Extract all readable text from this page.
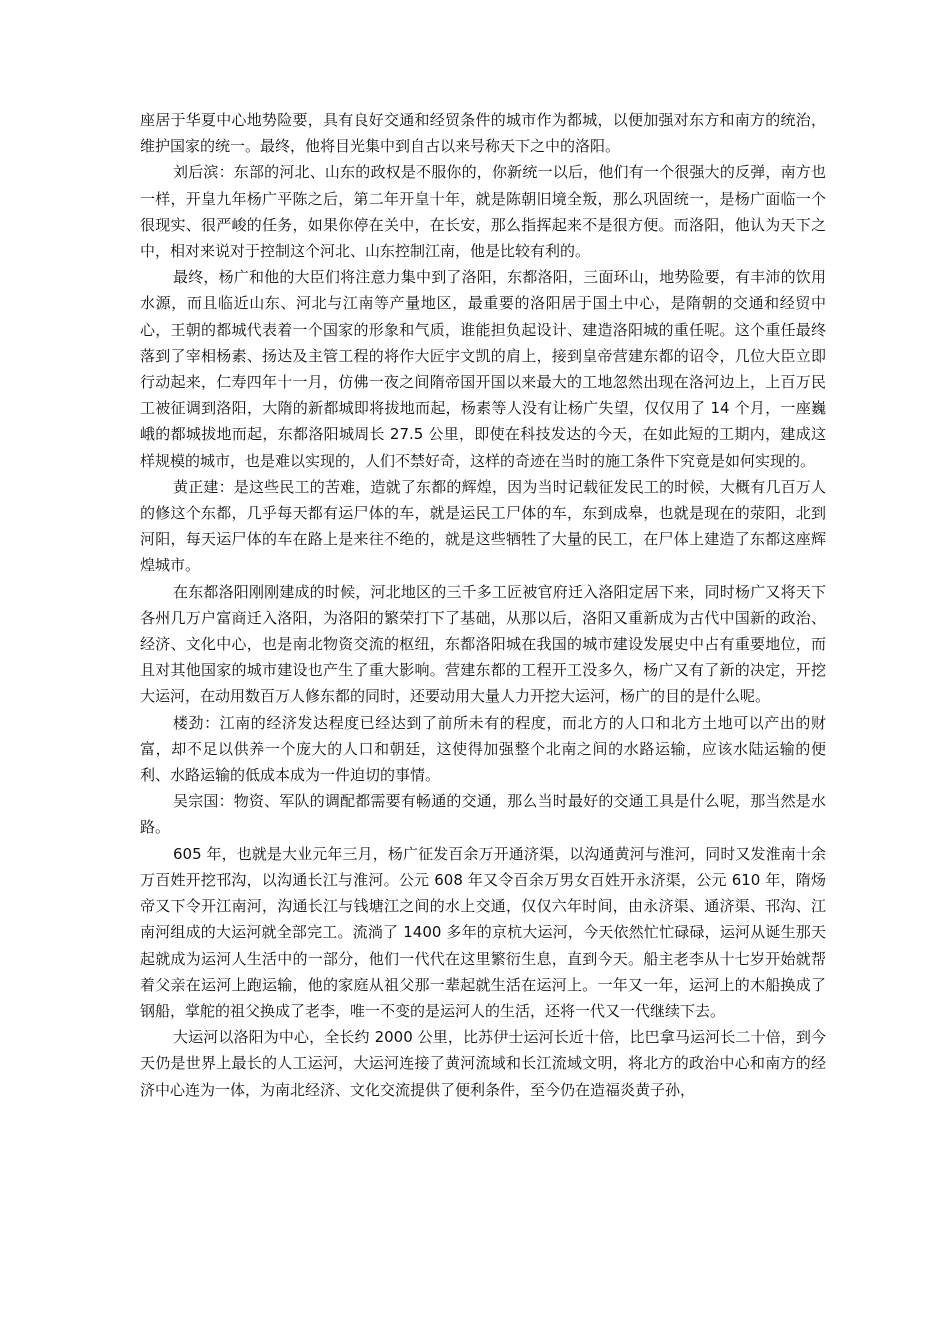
座居于华夏中心地势险要，具有良好交通和经贸条件的城市作为都城，以便加强对东方和南方的统治，维护国家的统一。最终，他将目光集中到自古以来号称天下之中的洛阳。

刘后滨：东部的河北、山东的政权是不服你的，你新统一以后，他们有一个很强大的反弹，南方也一样，开皇九年杨广平陈之后，第二年开皇十年，就是陈朝旧境全叛，那么巩固统一，是杨广面临一个很现实、很严峻的任务，如果你停在关中，在长安，那么指挥起来不是很方便。而洛阳，他认为天下之中，相对来说对于控制这个河北、山东控制江南，他是比较有利的。

最终，杨广和他的大臣们将注意力集中到了洛阳，东都洛阳，三面环山，地势险要，有丰沛的饮用水源，而且临近山东、河北与江南等产量地区，最重要的洛阳居于国土中心，是隋朝的交通和经贸中心，王朝的都城代表着一个国家的形象和气质，谁能担负起设计、建造洛阳城的重任呢。这个重任最终落到了宰相杨素、扬达及主管工程的将作大匠宇文凯的肩上，接到皇帝营建东都的诏令，几位大臣立即行动起来，仁寿四年十一月，仿佛一夜之间隋帝国开国以来最大的工地忽然出现在洛河边上，上百万民工被征调到洛阳，大隋的新都城即将拔地而起，杨素等人没有让杨广失望，仅仅用了 14 个月，一座巍峨的都城拔地而起，东都洛阳城周长 27.5 公里，即使在科技发达的今天，在如此短的工期内，建成这样规模的城市，也是难以实现的，人们不禁好奇，这样的奇迹在当时的施工条件下究竟是如何实现的。

黄正建：是这些民工的苦难，造就了东都的辉煌，因为当时记载征发民工的时候，大概有几百万人的修这个东都，几乎每天都有运尸体的车，就是运民工尸体的车，东到成皋，也就是现在的荥阳，北到河阳，每天运尸体的车在路上是来往不绝的，就是这些牺牲了大量的民工，在尸体上建造了东都这座辉煌城市。

在东都洛阳刚刚建成的时候，河北地区的三千多工匠被官府迁入洛阳定居下来，同时杨广又将天下各州几万户富商迁入洛阳，为洛阳的繁荣打下了基础，从那以后，洛阳又重新成为古代中国新的政治、经济、文化中心，也是南北物资交流的枢纽，东都洛阳城在我国的城市建设发展史中占有重要地位，而且对其他国家的城市建设也产生了重大影响。营建东都的工程开工没多久，杨广又有了新的决定，开挖大运河，在动用数百万人修东都的同时，还要动用大量人力开挖大运河，杨广的目的是什么呢。

楼劲：江南的经济发达程度已经达到了前所未有的程度，而北方的人口和北方土地可以产出的财富，却不足以供养一个庞大的人口和朝廷，这使得加强整个北南之间的水路运输，应该水陆运输的便利、水路运输的低成本成为一件迫切的事情。

吴宗国：物资、军队的调配都需要有畅通的交通，那么当时最好的交通工具是什么呢，那当然是水路。

605 年，也就是大业元年三月，杨广征发百余万开通济渠，以沟通黄河与淮河，同时又发淮南十余万百姓开挖邗沟，以沟通长江与淮河。公元 608 年又令百余万男女百姓开永济渠，公元 610 年，隋炀帝又下令开江南河，沟通长江与钱塘江之间的水上交通，仅仅六年时间，由永济渠、通济渠、邗沟、江南河组成的大运河就全部完工。流淌了 1400 多年的京杭大运河，今天依然忙忙碌碌，运河从诞生那天起就成为运河人生活中的一部分，他们一代代在这里繁衍生息，直到今天。船主老李从十七岁开始就帮着父亲在运河上跑运输，他的家庭从祖父那一辈起就生活在运河上。一年又一年，运河上的木船换成了钢船，掌舵的祖父换成了老李，唯一不变的是运河人的生活，还将一代又一代继续下去。

大运河以洛阳为中心，全长约 2000 公里，比苏伊士运河长近十倍，比巴拿马运河长二十倍，到今天仍是世界上最长的人工运河，大运河连接了黄河流域和长江流域文明，将北方的政治中心和南方的经济中心连为一体，为南北经济、文化交流提供了便利条件，至今仍在造福炎黄子孙，
